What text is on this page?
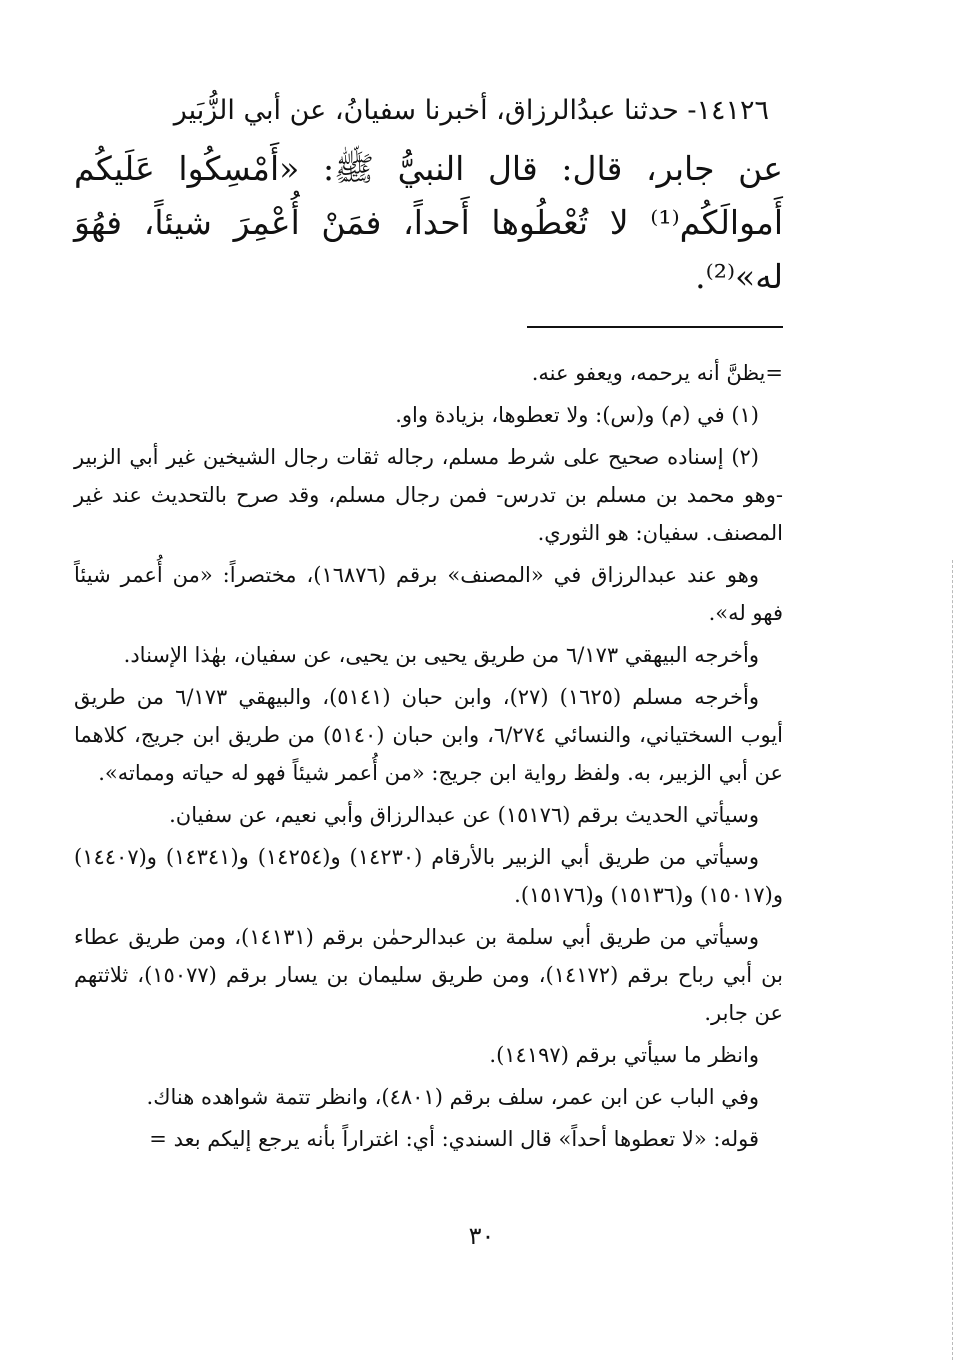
١٤١٢٦- حدثنا عبدُالرزاق، أخبرنا سفيانُ، عن أبي الزُّبَير

عن جابر، قال: قال النبيُّ ﷺ: «أَمْسِكُوا عَلَيكُم أَموالَكُم⁽¹⁾ لا تُعْطُوها أَحداً، فمَنْ أُعْمِرَ شيئاً، فهُوَ له»⁽²⁾.

=يظنَّ أنه يرحمه، ويعفو عنه.

(١) في (م) و(س): ولا تعطوها، بزيادة واو.

(٢) إسناده صحيح على شرط مسلم، رجاله ثقات رجال الشيخين غير أبي الزبير -وهو محمد بن مسلم بن تدرس- فمن رجال مسلم، وقد صرح بالتحديث عند غير المصنف. سفيان: هو الثوري.

وهو عند عبدالرزاق في «المصنف» برقم (١٦٨٧٦)، مختصراً: «من أُعمر شيئاً فهو له».

وأخرجه البيهقي ٦/١٧٣ من طريق يحيى بن يحيى، عن سفيان، بهٰذا الإسناد.

وأخرجه مسلم (١٦٢٥) (٢٧)، وابن حبان (٥١٤١)، والبيهقي ٦/١٧٣ من طريق أيوب السختياني، والنسائي ٦/٢٧٤، وابن حبان (٥١٤٠) من طريق ابن جريج، كلاهما عن أبي الزبير، به. ولفظ رواية ابن جريج: «من أُعمر شيئاً فهو له حياته ومماته».

وسيأتي الحديث برقم (١٥١٧٦) عن عبدالرزاق وأبي نعيم، عن سفيان.

وسيأتي من طريق أبي الزبير بالأرقام (١٤٢٣٠) و(١٤٢٥٤) و(١٤٣٤١) و(١٤٤٠٧) و(١٥٠١٧) و(١٥١٣٦) و(١٥١٧٦).

وسيأتي من طريق أبي سلمة بن عبدالرحمٰن برقم (١٤١٣١)، ومن طريق عطاء بن أبي رباح برقم (١٤١٧٢)، ومن طريق سليمان بن يسار برقم (١٥٠٧٧)، ثلاثتهم عن جابر.

وانظر ما سيأتي برقم (١٤١٩٧).

وفي الباب عن ابن عمر، سلف برقم (٤٨٠١)، وانظر تتمة شواهده هناك.

قوله: «لا تعطوها أحداً» قال السندي: أي: اغتراراً بأنه يرجع إليكم بعد =

٣٠
